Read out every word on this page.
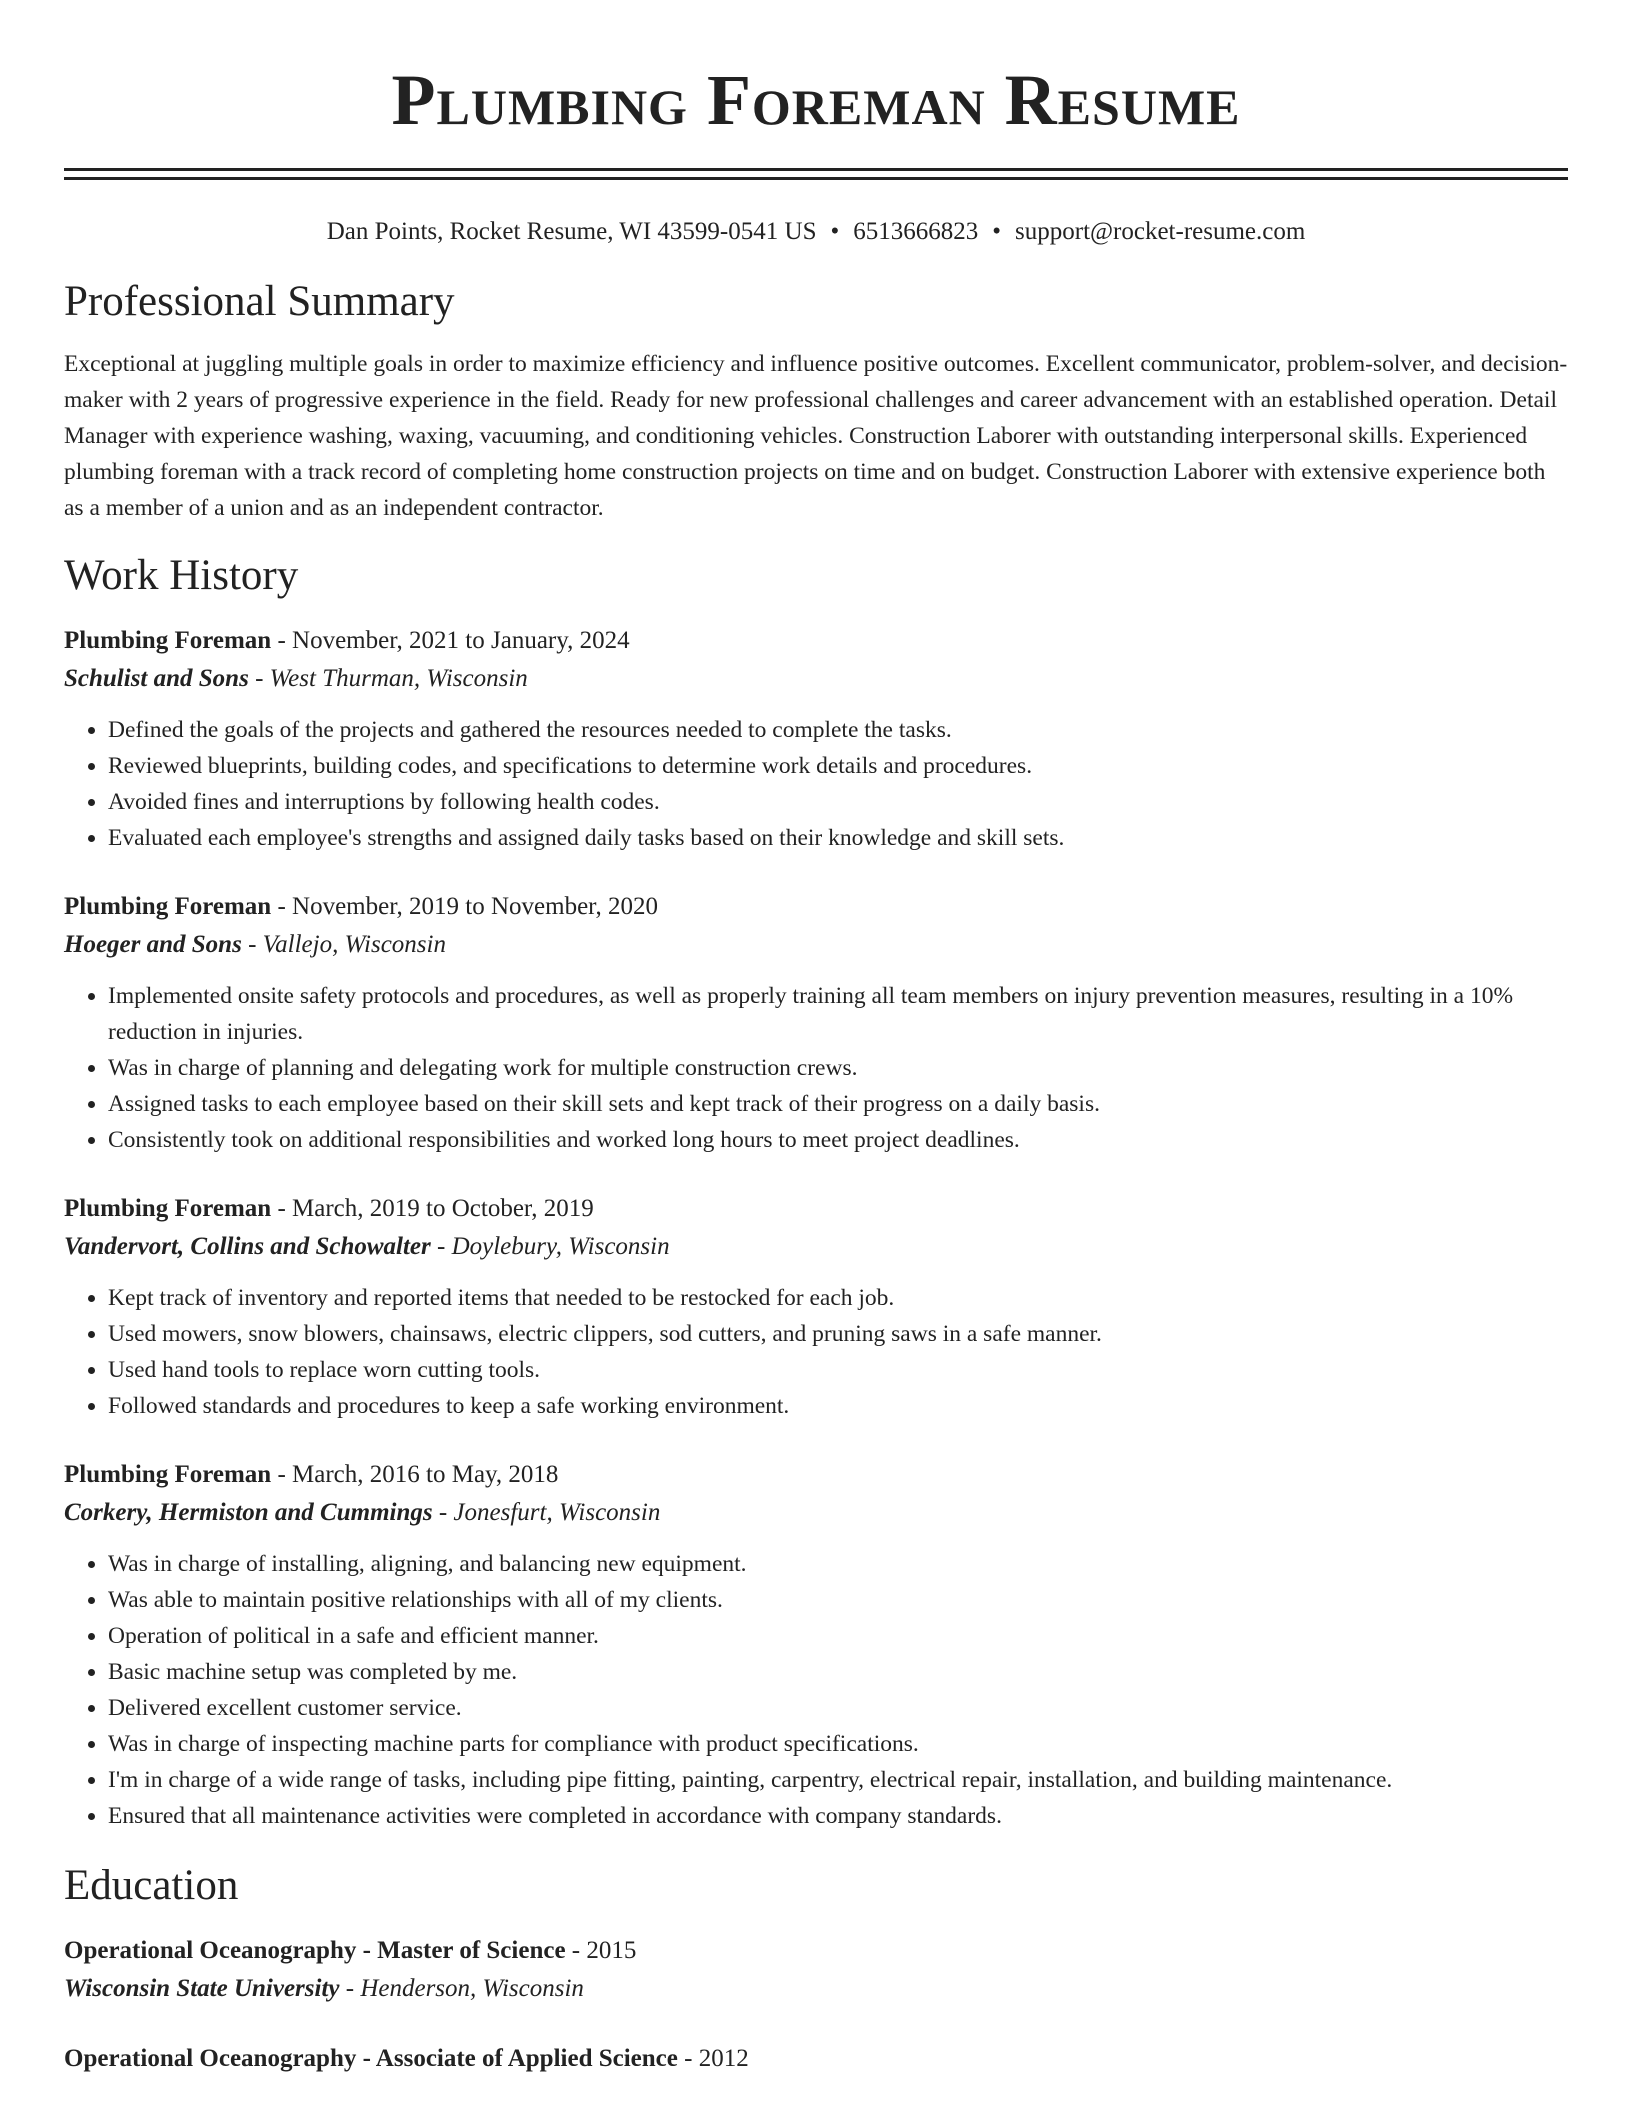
Plumbing Foreman Resume
Dan Points, Rocket Resume, WI 43599-0541 US • 6513666823 • support@rocket-resume.com
Professional Summary
Exceptional at juggling multiple goals in order to maximize efficiency and influence positive outcomes. Excellent communicator, problem-solver, and decision-maker with 2 years of progressive experience in the field. Ready for new professional challenges and career advancement with an established operation. Detail Manager with experience washing, waxing, vacuuming, and conditioning vehicles. Construction Laborer with outstanding interpersonal skills. Experienced plumbing foreman with a track record of completing home construction projects on time and on budget. Construction Laborer with extensive experience both as a member of a union and as an independent contractor.
Work History
Plumbing Foreman - November, 2021 to January, 2024
Schulist and Sons - West Thurman, Wisconsin
• Defined the goals of the projects and gathered the resources needed to complete the tasks.
• Reviewed blueprints, building codes, and specifications to determine work details and procedures.
• Avoided fines and interruptions by following health codes.
• Evaluated each employee's strengths and assigned daily tasks based on their knowledge and skill sets.
Plumbing Foreman - November, 2019 to November, 2020
Hoeger and Sons - Vallejo, Wisconsin
• Implemented onsite safety protocols and procedures, as well as properly training all team members on injury prevention measures, resulting in a 10% reduction in injuries.
• Was in charge of planning and delegating work for multiple construction crews.
• Assigned tasks to each employee based on their skill sets and kept track of their progress on a daily basis.
• Consistently took on additional responsibilities and worked long hours to meet project deadlines.
Plumbing Foreman - March, 2019 to October, 2019
Vandervort, Collins and Schowalter - Doylebury, Wisconsin
• Kept track of inventory and reported items that needed to be restocked for each job.
• Used mowers, snow blowers, chainsaws, electric clippers, sod cutters, and pruning saws in a safe manner.
• Used hand tools to replace worn cutting tools.
• Followed standards and procedures to keep a safe working environment.
Plumbing Foreman - March, 2016 to May, 2018
Corkery, Hermiston and Cummings - Jonesfurt, Wisconsin
• Was in charge of installing, aligning, and balancing new equipment.
• Was able to maintain positive relationships with all of my clients.
• Operation of political in a safe and efficient manner.
• Basic machine setup was completed by me.
• Delivered excellent customer service.
• Was in charge of inspecting machine parts for compliance with product specifications.
• I'm in charge of a wide range of tasks, including pipe fitting, painting, carpentry, electrical repair, installation, and building maintenance.
• Ensured that all maintenance activities were completed in accordance with company standards.
Education
Operational Oceanography - Master of Science - 2015
Wisconsin State University - Henderson, Wisconsin
Operational Oceanography - Associate of Applied Science - 2012
